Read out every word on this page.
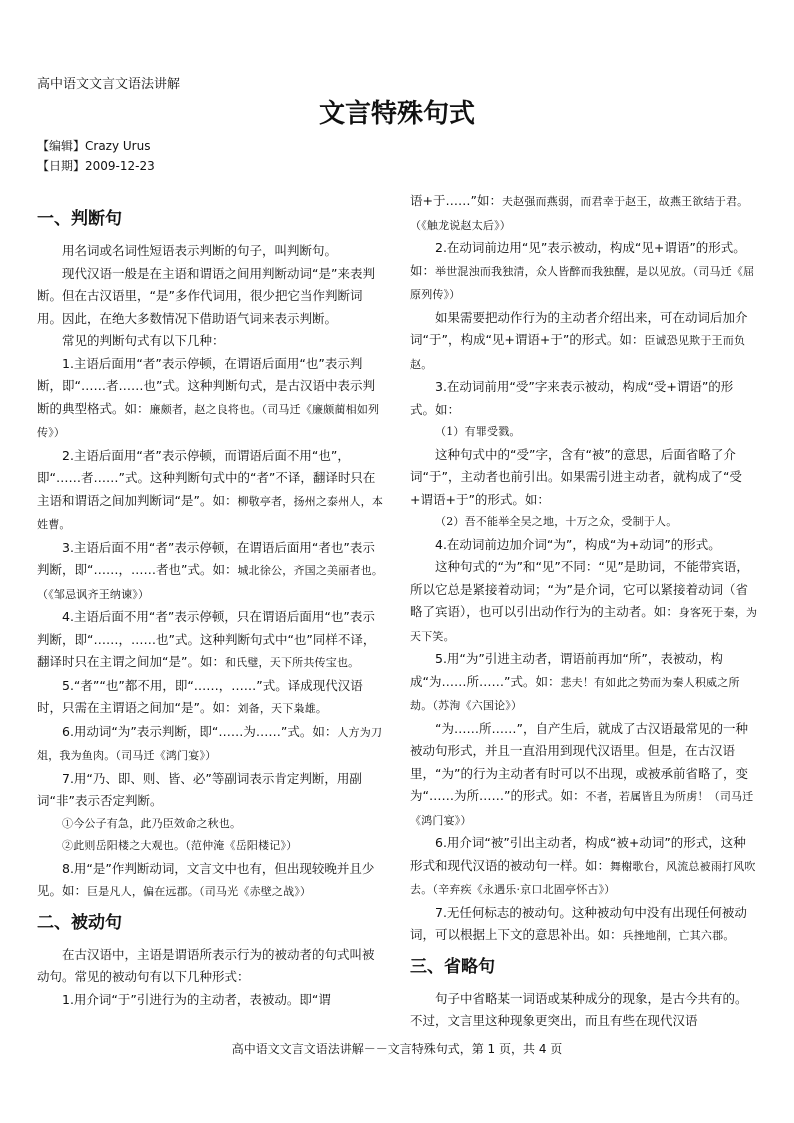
高中语文文言文语法讲解
文言特殊句式
【编辑】Crazy Urus
【日期】2009-12-23
一、判断句

用名词或名词性短语表示判断的句子，叫判断句。

现代汉语一般是在主语和谓语之间用判断动词“是”来表判断。但在古汉语里，“是”多作代词用，很少把它当作判断词用。因此，在绝大多数情况下借助语气词来表示判断。

常见的判断句式有以下几种：

1.主语后面用“者”表示停顿，在谓语后面用“也”表示判断，即“……者……也”式。这种判断句式，是古汉语中表示判断的典型格式。如：廉颇者，赵之良将也。（司马迁《廉颇蔺相如列传》）

2.主语后面用“者”表示停顿，而谓语后面不用“也”，即“……者……”式。这种判断句式中的“者”不译，翻译时只在主语和谓语之间加判断词“是”。如：柳敬亭者，扬州之泰州人，本姓曹。

3.主语后面不用“者”表示停顿，在谓语后面用“者也”表示判断，即“……，……者也”式。如：城北徐公，齐国之美丽者也。（《邹忌讽齐王纳谏》）

4.主语后面不用“者”表示停顿，只在谓语后面用“也”表示判断，即“……，……也”式。这种判断句式中“也”同样不译，翻译时只在主谓之间加“是”。如：和氏璧，天下所共传宝也。

5.“者”“也”都不用，即“……，……”式。译成现代汉语时，只需在主谓语之间加“是”。如：刘备，天下枭雄。

6.用动词“为”表示判断，即“……为……”式。如：人方为刀俎，我为鱼肉。（司马迁《鸿门宴》）

7.用“乃、即、则、皆、必”等副词表示肯定判断，用副词“非”表示否定判断。

①今公子有急，此乃臣效命之秋也。

②此则岳阳楼之大观也。（范仲淹《岳阳楼记》）

8.用“是”作判断动词，文言文中也有，但出现较晚并且少见。如：巨是凡人，偏在远郡。（司马光《赤壁之战》）

二、被动句

在古汉语中，主语是谓语所表示行为的被动者的句式叫被动句。常见的被动句有以下几种形式：

1.用介词“于”引进行为的主动者，表被动。即“谓

语+于……”如：夫赵强而燕弱，而君幸于赵王，故燕王欲结于君。（《触龙说赵太后》）

2.在动词前边用“见”表示被动，构成“见+谓语”的形式。如：举世混浊而我独清，众人皆醉而我独醒，是以见放。（司马迁《屈原列传》）

如果需要把动作行为的主动者介绍出来，可在动词后加介词“于”，构成“见+谓语+于”的形式。如：臣诚恐见欺于王而负赵。

3.在动词前用“受”字来表示被动，构成“受+谓语”的形式。如：

（1）有罪受戮。

这种句式中的“受”字，含有“被”的意思，后面省略了介词“于”，主动者也前引出。如果需引进主动者，就构成了“受+谓语+于”的形式。如：

（2）吾不能举全吴之地，十万之众，受制于人。

4.在动词前边加介词“为”，构成“为+动词”的形式。

这种句式的“为”和“见”不同：“见”是助词，不能带宾语，所以它总是紧接着动词；“为”是介词，它可以紧接着动词（省略了宾语），也可以引出动作行为的主动者。如：身客死于秦，为天下笑。

5.用“为”引进主动者，谓语前再加“所”，表被动，构成“为……所……”式。如：悲夫！有如此之势而为秦人积威之所劫。（苏洵《六国论》）

“为……所……”，自产生后，就成了古汉语最常见的一种被动句形式，并且一直沿用到现代汉语里。但是，在古汉语里，“为”的行为主动者有时可以不出现，或被承前省略了，变为“……为所……”的形式。如：不者，若属皆且为所虏！（司马迁《鸿门宴》）

6.用介词“被”引出主动者，构成“被+动词”的形式，这种形式和现代汉语的被动句一样。如：舞榭歌台，风流总被雨打风吹去。（辛弃疾《永遇乐·京口北固亭怀古》）

7.无任何标志的被动句。这种被动句中没有出现任何被动词，可以根据上下文的意思补出。如：兵挫地削，亡其六郡。

三、省略句

句子中省略某一词语或某种成分的现象，是古今共有的。不过，文言里这种现象更突出，而且有些在现代汉语

高中语文文言文语法讲解－－文言特殊句式，第 1 页，共 4 页
